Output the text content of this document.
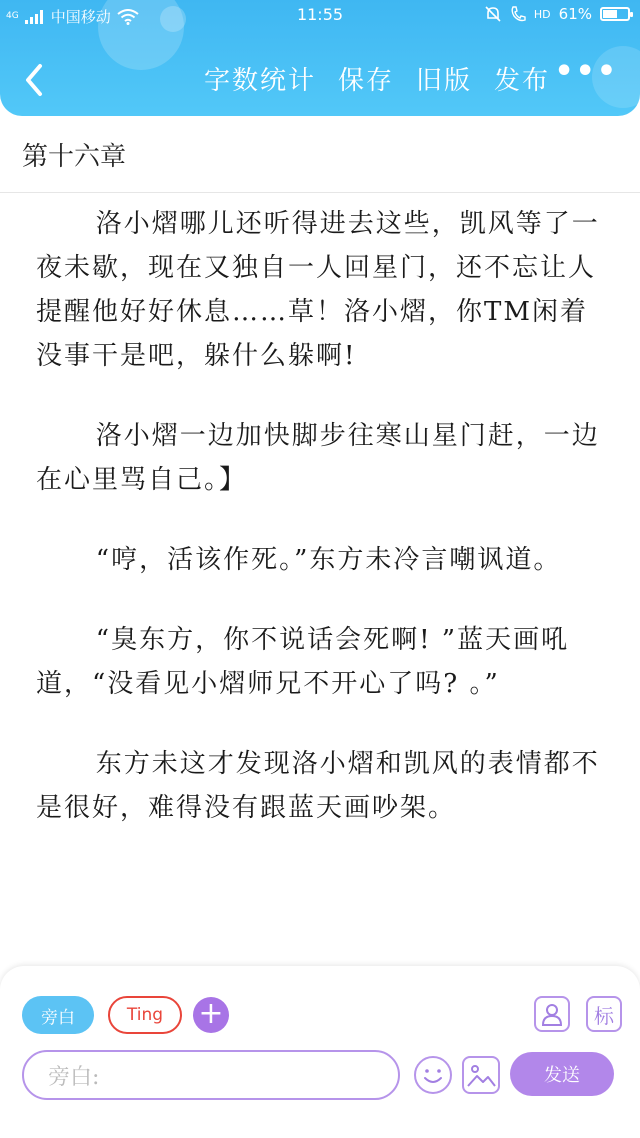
4G 中国移动	11:55	HD 61%
字数统计 保存 旧版 发布 •••
第十六章

洛小熠哪儿还听得进去这些，凯风等了一夜未歇，现在又独自一人回星门，还不忘让人提醒他好好休息……草！洛小熠，你TM闲着没事干是吧，躲什么躲啊!

洛小熠一边加快脚步往寒山星门赶，一边在心里骂自己。】

“哼，活该作死。”东方未冷言嘲讽道。

“臭东方，你不说话会死啊! ”蓝天画吼道，“没看见小熠师兄不开心了吗? 。”

东方未这才发现洛小熠和凯风的表情都不是很好，难得没有跟蓝天画吵架。

旁白	Ting	+	标
旁白:	发送
